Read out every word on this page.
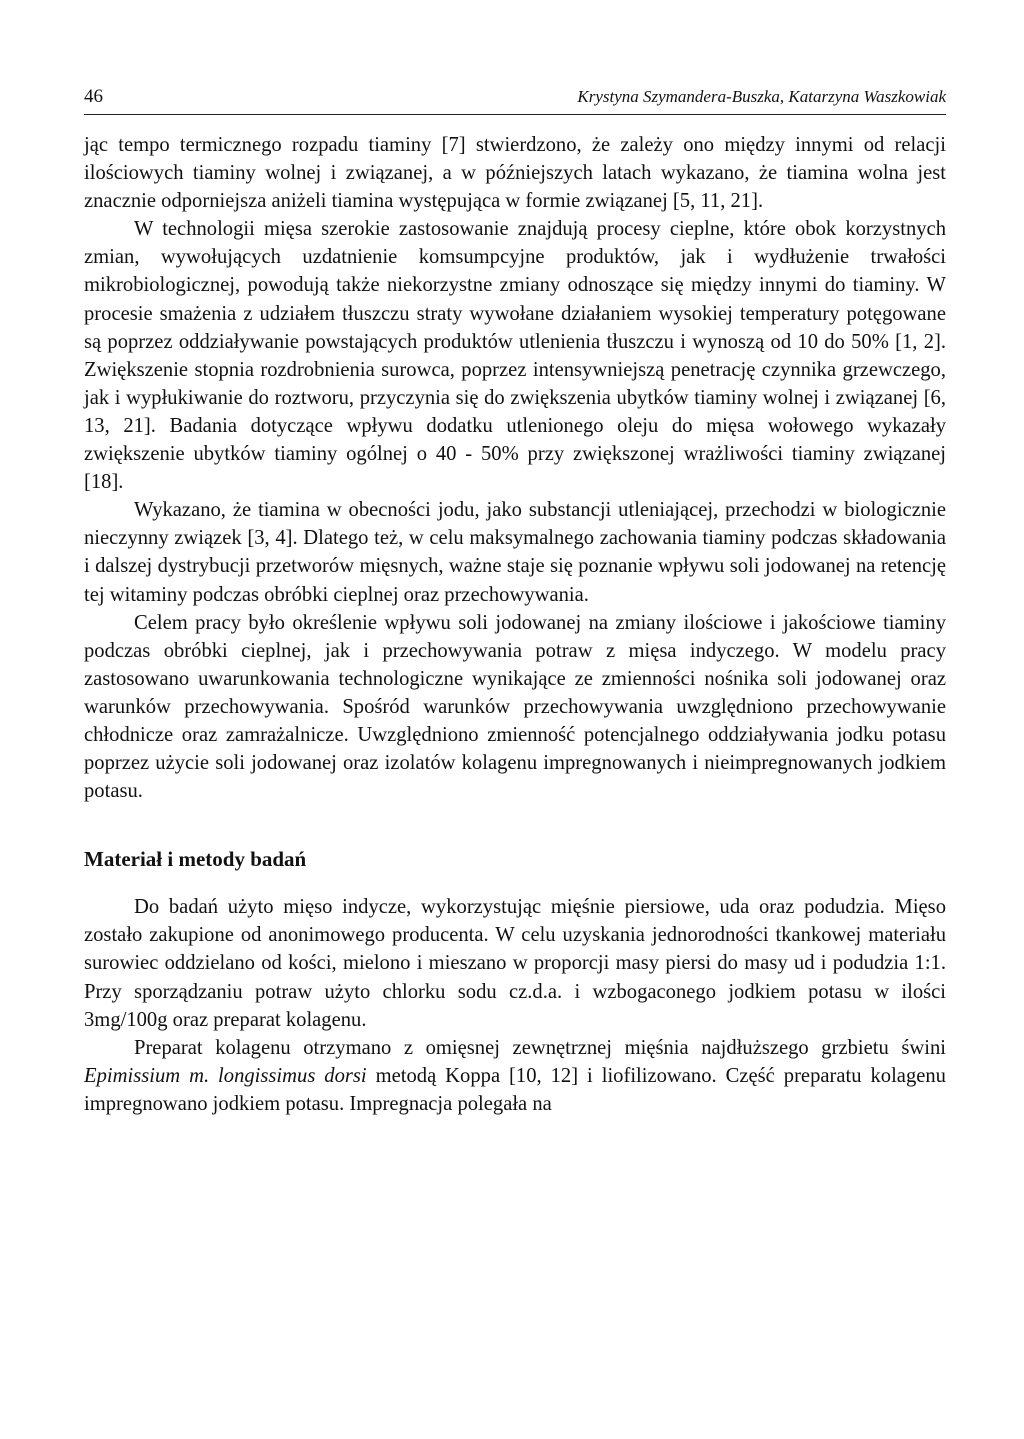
46	Krystyna Szymandera-Buszka, Katarzyna Waszkowiak

jąc tempo termicznego rozpadu tiaminy [7] stwierdzono, że zależy ono między innymi od relacji ilościowych tiaminy wolnej i związanej, a w późniejszych latach wykazano, że tiamina wolna jest znacznie odporniejsza aniżeli tiamina występująca w formie związanej [5, 11, 21].

W technologii mięsa szerokie zastosowanie znajdują procesy cieplne, które obok korzystnych zmian, wywołujących uzdatnienie komsumpcyjne produktów, jak i wydłużenie trwałości mikrobiologicznej, powodują także niekorzystne zmiany odnoszące się między innymi do tiaminy. W procesie smażenia z udziałem tłuszczu straty wywołane działaniem wysokiej temperatury potęgowane są poprzez oddziaływanie powstających produktów utlenienia tłuszczu i wynoszą od 10 do 50% [1, 2]. Zwiększenie stopnia rozdrobnienia surowca, poprzez intensywniejszą penetrację czynnika grzewczego, jak i wypłukiwanie do roztworu, przyczynia się do zwiększenia ubytków tiaminy wolnej i związanej [6, 13, 21]. Badania dotyczące wpływu dodatku utlenionego oleju do mięsa wołowego wykazały zwiększenie ubytków tiaminy ogólnej o 40 - 50% przy zwiększonej wrażliwości tiaminy związanej [18].

Wykazano, że tiamina w obecności jodu, jako substancji utleniającej, przechodzi w biologicznie nieczynny związek [3, 4]. Dlatego też, w celu maksymalnego zachowania tiaminy podczas składowania i dalszej dystrybucji przetworów mięsnych, ważne staje się poznanie wpływu soli jodowanej na retencję tej witaminy podczas obróbki cieplnej oraz przechowywania.

Celem pracy było określenie wpływu soli jodowanej na zmiany ilościowe i jakościowe tiaminy podczas obróbki cieplnej, jak i przechowywania potraw z mięsa indyczego. W modelu pracy zastosowano uwarunkowania technologiczne wynikające ze zmienności nośnika soli jodowanej oraz warunków przechowywania. Spośród warunków przechowywania uwzględniono przechowywanie chłodnicze oraz zamrażalnicze. Uwzględniono zmienność potencjalnego oddziaływania jodku potasu poprzez użycie soli jodowanej oraz izolatów kolagenu impregnowanych i nieimpregnowanych jodkiem potasu.

Materiał i metody badań

Do badań użyto mięso indycze, wykorzystując mięśnie piersiowe, uda oraz podudzia. Mięso zostało zakupione od anonimowego producenta. W celu uzyskania jednorodności tkankowej materiału surowiec oddzielano od kości, mielono i mieszano w proporcji masy piersi do masy ud i podudzia 1:1. Przy sporządzaniu potraw użyto chlorku sodu cz.d.a. i wzbogaconego jodkiem potasu w ilości 3mg/100g oraz preparat kolagenu.

Preparat kolagenu otrzymano z omięsnej zewnętrznej mięśnia najdłuższego grzbietu świni Epimissium m. longissimus dorsi metodą Koppa [10, 12] i liofilizowano. Część preparatu kolagenu impregnowano jodkiem potasu. Impregnacja polegała na
